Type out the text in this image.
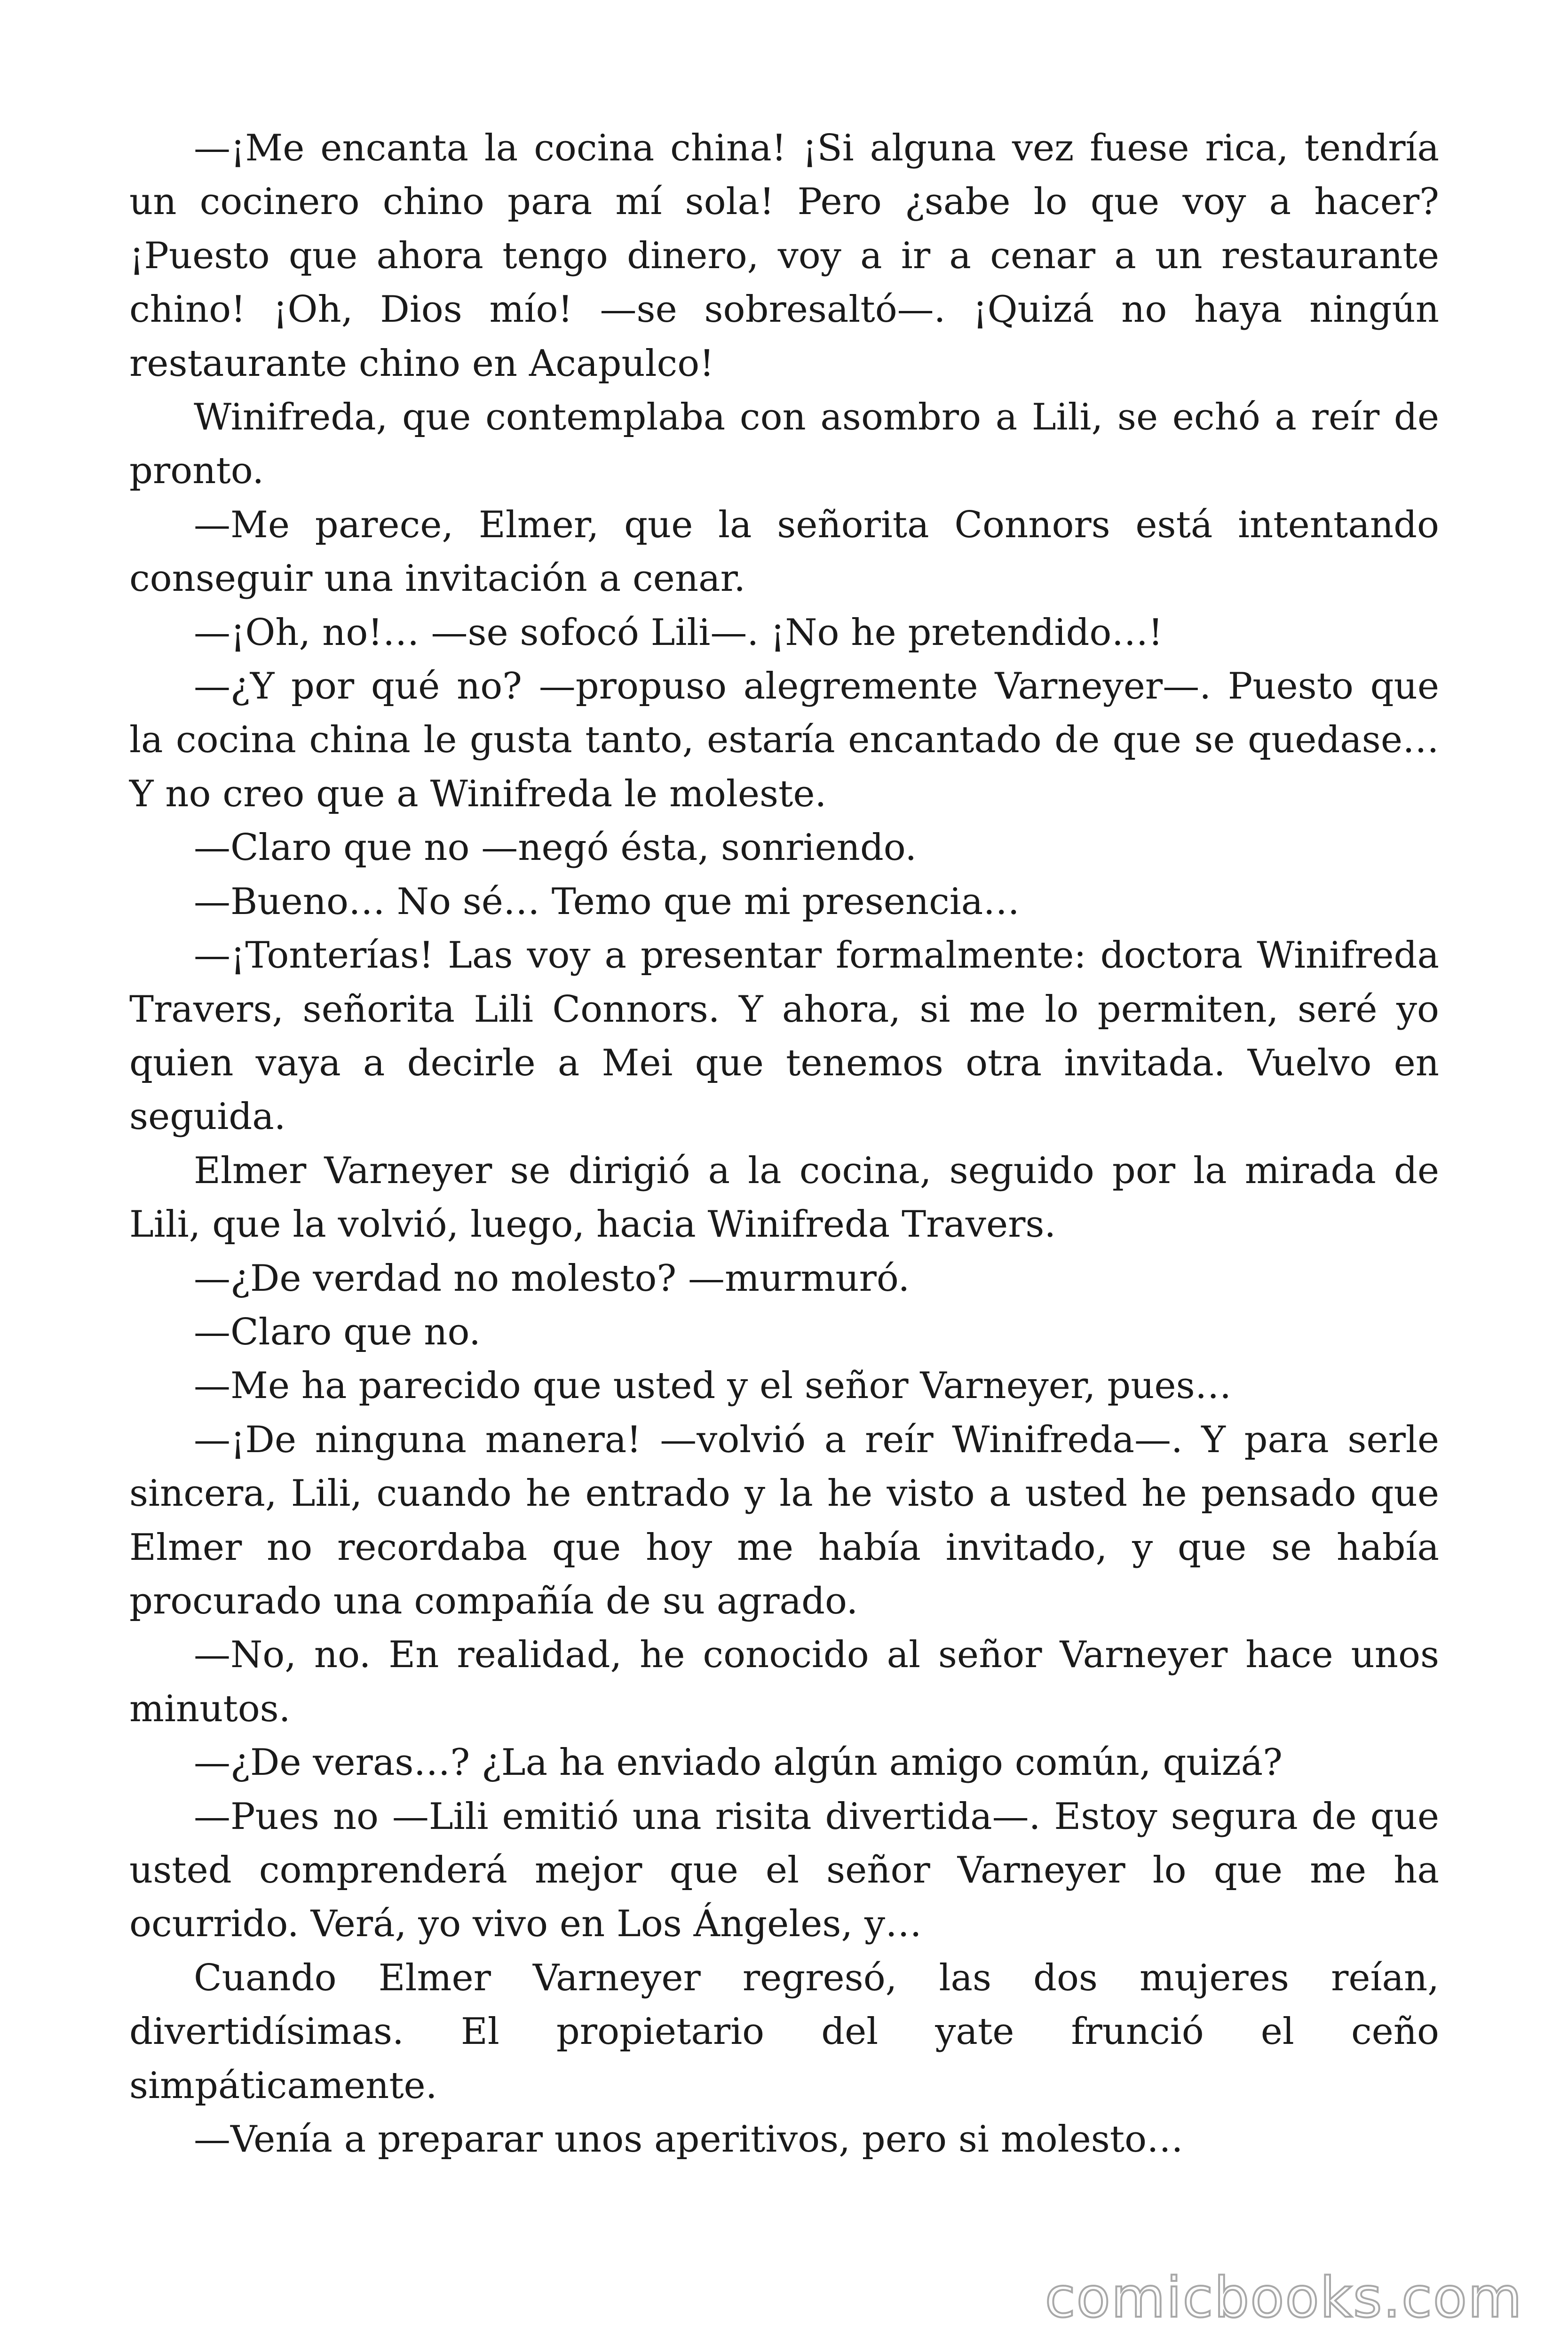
—¡Me encanta la cocina china! ¡Si alguna vez fuese rica, tendría un cocinero chino para mí sola! Pero ¿sabe lo que voy a hacer? ¡Puesto que ahora tengo dinero, voy a ir a cenar a un restaurante chino! ¡Oh, Dios mío! —se sobresaltó—. ¡Quizá no haya ningún restaurante chino en Acapulco!

Winifreda, que contemplaba con asombro a Lili, se echó a reír de pronto.

—Me parece, Elmer, que la señorita Connors está intentando conseguir una invitación a cenar.

—¡Oh, no!… —se sofocó Lili—. ¡No he pretendido…!

—¿Y por qué no? —propuso alegremente Varneyer—. Puesto que la cocina china le gusta tanto, estaría encantado de que se quedase… Y no creo que a Winifreda le moleste.

—Claro que no —negó ésta, sonriendo.

—Bueno… No sé… Temo que mi presencia…

—¡Tonterías! Las voy a presentar formalmente: doctora Winifreda Travers, señorita Lili Connors. Y ahora, si me lo permiten, seré yo quien vaya a decirle a Mei que tenemos otra invitada. Vuelvo en seguida.

Elmer Varneyer se dirigió a la cocina, seguido por la mirada de Lili, que la volvió, luego, hacia Winifreda Travers.

—¿De verdad no molesto? —murmuró.

—Claro que no.

—Me ha parecido que usted y el señor Varneyer, pues…

—¡De ninguna manera! —volvió a reír Winifreda—. Y para serle sincera, Lili, cuando he entrado y la he visto a usted he pensado que Elmer no recordaba que hoy me había invitado, y que se había procurado una compañía de su agrado.

—No, no. En realidad, he conocido al señor Varneyer hace unos minutos.

—¿De veras…? ¿La ha enviado algún amigo común, quizá?

—Pues no —Lili emitió una risita divertida—. Estoy segura de que usted comprenderá mejor que el señor Varneyer lo que me ha ocurrido. Verá, yo vivo en Los Ángeles, y…

Cuando Elmer Varneyer regresó, las dos mujeres reían, divertidísimas. El propietario del yate frunció el ceño simpáticamente.

—Venía a preparar unos aperitivos, pero si molesto…

comicbooks.com
